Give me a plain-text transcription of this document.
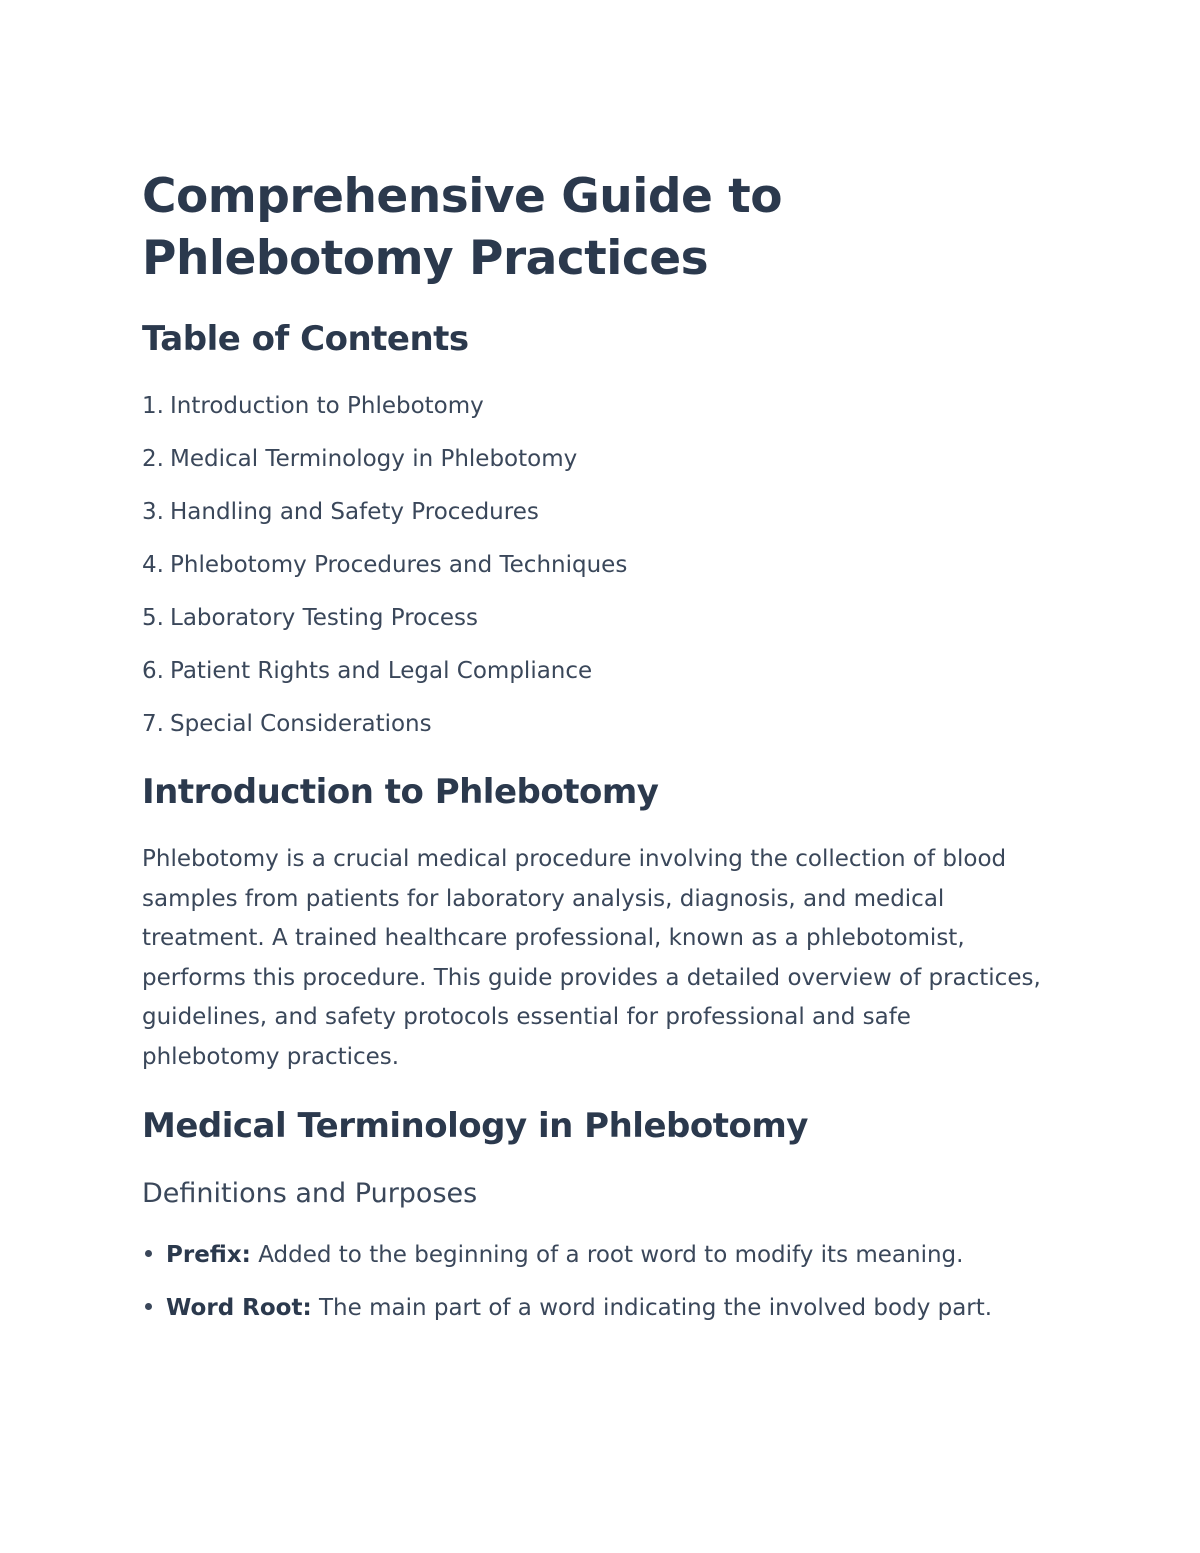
Comprehensive Guide to Phlebotomy Practices
Table of Contents
1. Introduction to Phlebotomy
2. Medical Terminology in Phlebotomy
3. Handling and Safety Procedures
4. Phlebotomy Procedures and Techniques
5. Laboratory Testing Process
6. Patient Rights and Legal Compliance
7. Special Considerations
Introduction to Phlebotomy

Phlebotomy is a crucial medical procedure involving the collection of blood samples from patients for laboratory analysis, diagnosis, and medical treatment. A trained healthcare professional, known as a phlebotomist, performs this procedure. This guide provides a detailed overview of practices, guidelines, and safety protocols essential for professional and safe phlebotomy practices.

Medical Terminology in Phlebotomy
Definitions and Purposes
Prefix: Added to the beginning of a root word to modify its meaning.
Word Root: The main part of a word indicating the involved body part.
